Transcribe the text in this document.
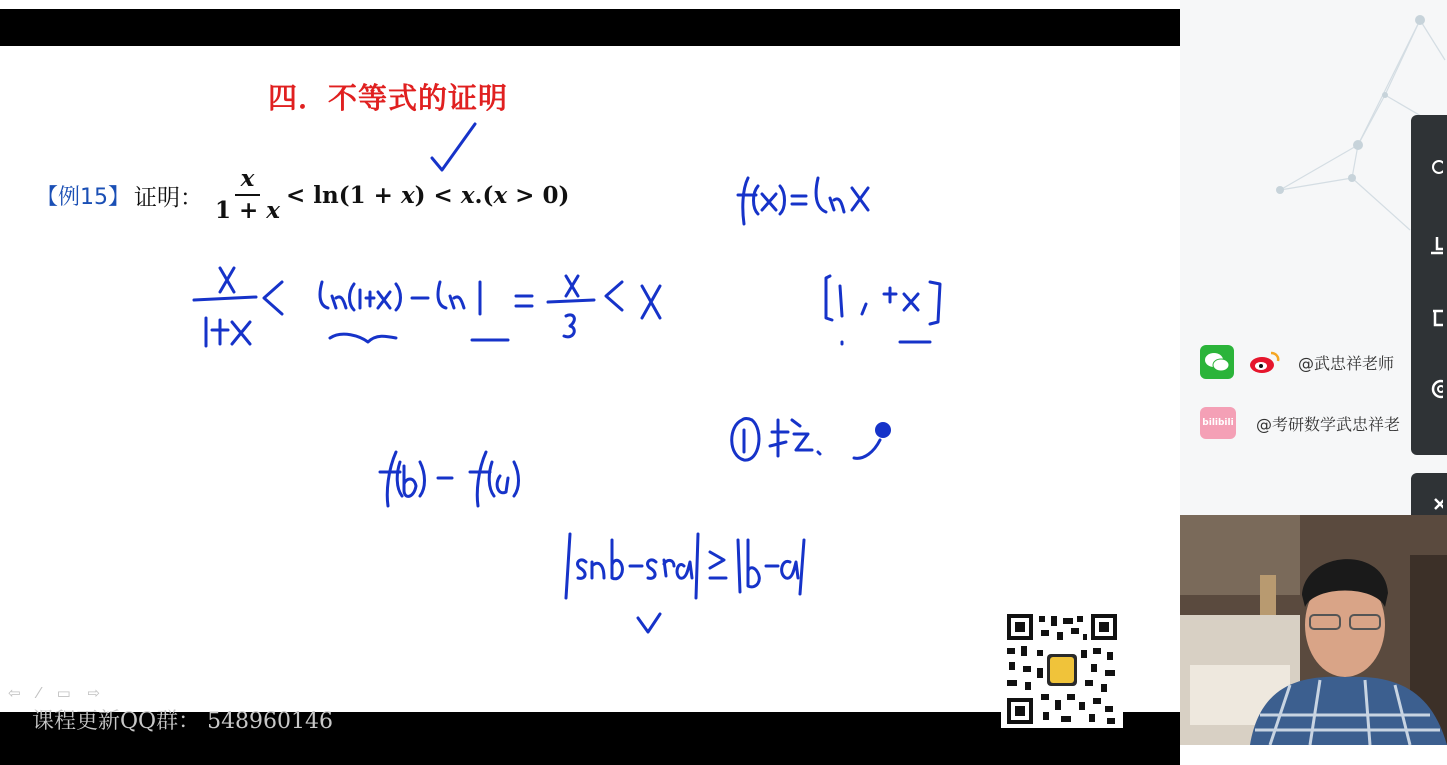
四．不等式的证明
【例15】 证明： $\frac{x}{1 + x} < \ln(1 + x) < x.(x > 0)$
⇦ ⁄ ▭ ⇨
课程更新QQ群： 548960146
@武忠祥老师
bilibili @考研数学武忠祥老
